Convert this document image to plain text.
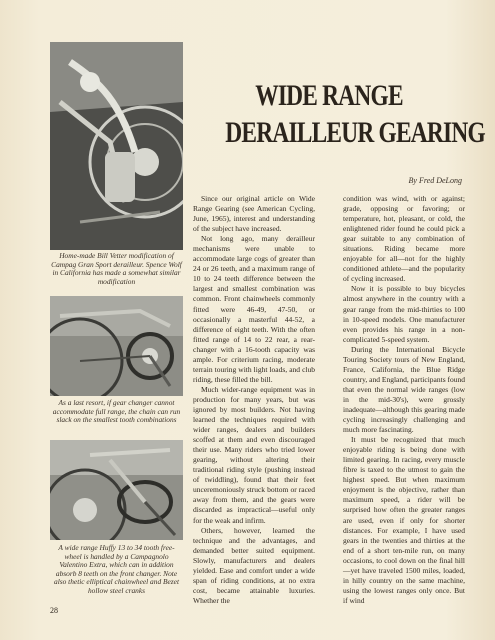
Home-made Bill Vetter modification of Campag Gran Sport derailleur. Spence Wolf in California has made a somewhat similar modification
As a last resort, if gear changer cannot accommodate full range, the chain can run slack on the smallest tooth combinations
A wide range Huffy 13 to 34 tooth free-wheel is handled by a Campagnolo Valentino Extra, which can in addition absorb 8 teeth on the front changer. Note also thetic elliptical chainwheel and Bezet hollow steel cranks
WIDE RANGE
DERAILLEUR GEARING
By Fred DeLong

Since our original article on Wide Range Gearing (see American Cycling, June, 1965), interest and understanding of the subject have increased.

Not long ago, many derailleur mechanisms were unable to accommodate large cogs of greater than 24 or 26 teeth, and a maximum range of 10 to 24 teeth difference between the largest and smallest combination was common. Front chainwheels commonly fitted were 46-49, 47-50, or occasionally a masterful 44-52, a difference of eight teeth. With the often fitted range of 14 to 22 rear, a rear-changer with a 16-tooth capacity was ample. For criterium racing, moderate terrain touring with light loads, and club riding, these filled the bill.

Much wider-range equipment was in production for many years, but was ignored by most builders. Not having learned the techniques required with wider ranges, dealers and builders scoffed at them and even discouraged their use. Many riders who tried lower gearing, without altering their traditional riding style (pushing instead of twiddling), found that their feet unceremoniously struck bottom or raced away from them, and the gears were discarded as impractical—useful only for the weak and infirm.

Others, however, learned the technique and the advantages, and demanded better suited equipment. Slowly, manufacturers and dealers yielded. Ease and comfort under a wide span of riding conditions, at no extra cost, became attainable luxuries. Whether the

condition was wind, with or against; grade, opposing or favoring; or temperature, hot, pleasant, or cold, the enlightened rider found he could pick a gear suitable to any combination of situations. Riding became more enjoyable for all—not for the highly conditioned athlete—and the popularity of cycling increased.

Now it is possible to buy bicycles almost anywhere in the country with a gear range from the mid-thirties to 100 in 10-speed models. One manufacturer even provides his range in a non-complicated 5-speed system.

During the International Bicycle Touring Society tours of New England, France, California, the Blue Ridge country, and England, participants found that even the normal wide ranges (low in the mid-30's), were grossly inadequate—although this gearing made cycling increasingly challenging and much more fascinating.

It must be recognized that much enjoyable riding is being done with limited gearing. In racing, every muscle fibre is taxed to the utmost to gain the highest speed. But when maximum enjoyment is the objective, rather than maximum speed, a rider will be surprised how often the greater ranges are used, even if only for shorter distances. For example, I have used gears in the twenties and thirties at the end of a short ten-mile run, on many occasions, to cool down on the final hill—yet have traveled 1500 miles, loaded, in hilly country on the same machine, using the lowest ranges only once. But if wind

28
